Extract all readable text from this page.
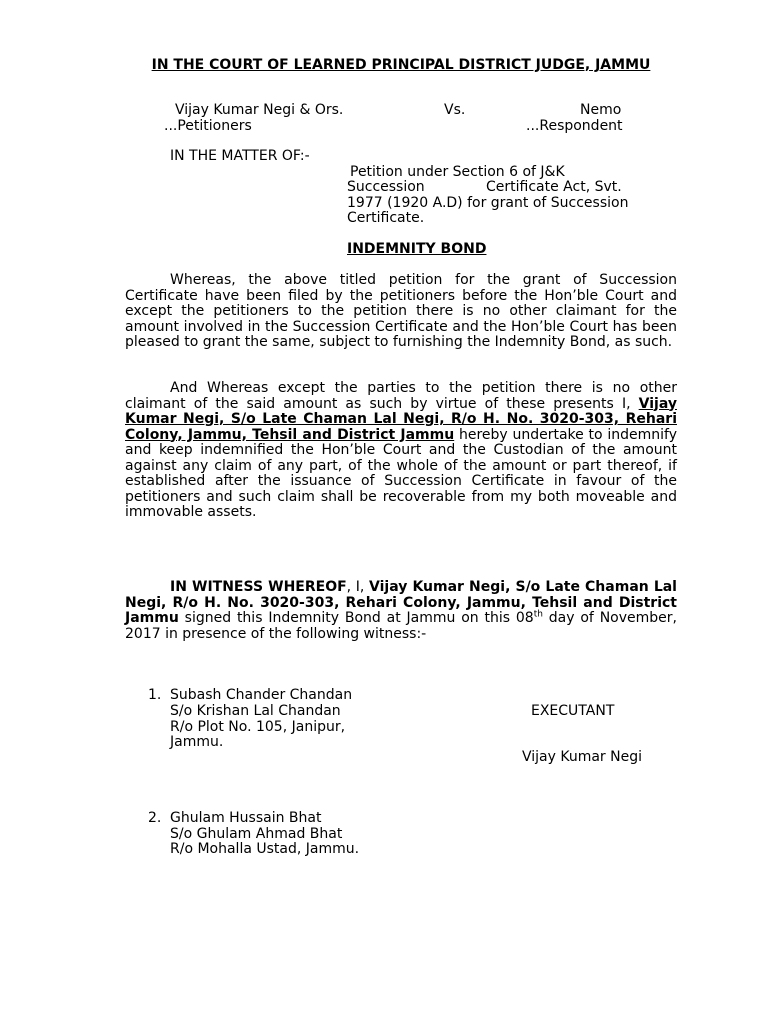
IN THE COURT OF LEARNED PRINCIPAL DISTRICT JUDGE, JAMMU
Vijay Kumar Negi & Ors.	Vs.	Nemo
...Petitioners	...Respondent
IN THE MATTER OF:-
Petition under Section 6 of J&K
Succession	Certificate Act, Svt.
1977 (1920 A.D) for grant of Succession
Certificate.
INDEMNITY BOND
Whereas, the above titled petition for the grant of Succession Certificate have been filed by the petitioners before the Hon’ble Court and except the petitioners to the petition there is no other claimant for the amount involved in the Succession Certificate and the Hon’ble Court has been pleased to grant the same, subject to furnishing the Indemnity Bond, as such.
And Whereas except the parties to the petition there is no other claimant of the said amount as such by virtue of these presents I, Vijay Kumar Negi, S/o Late Chaman Lal Negi, R/o H. No. 3020-303, Rehari Colony, Jammu, Tehsil and District Jammu hereby undertake to indemnify and keep indemnified the Hon’ble Court and the Custodian of the amount against any claim of any part, of the whole of the amount or part thereof, if established after the issuance of Succession Certificate in favour of the petitioners and such claim shall be recoverable from my both moveable and immovable assets.
IN WITNESS WHEREOF, I, Vijay Kumar Negi, S/o Late Chaman Lal Negi, R/o H. No. 3020-303, Rehari Colony, Jammu, Tehsil and District Jammu signed this Indemnity Bond at Jammu on this 08th day of November, 2017 in presence of the following witness:-
1. Subash Chander Chandan
S/o Krishan Lal Chandan
R/o Plot No. 105, Janipur,
Jammu.
EXECUTANT
Vijay Kumar Negi
2. Ghulam Hussain Bhat
S/o Ghulam Ahmad Bhat
R/o Mohalla Ustad, Jammu.
